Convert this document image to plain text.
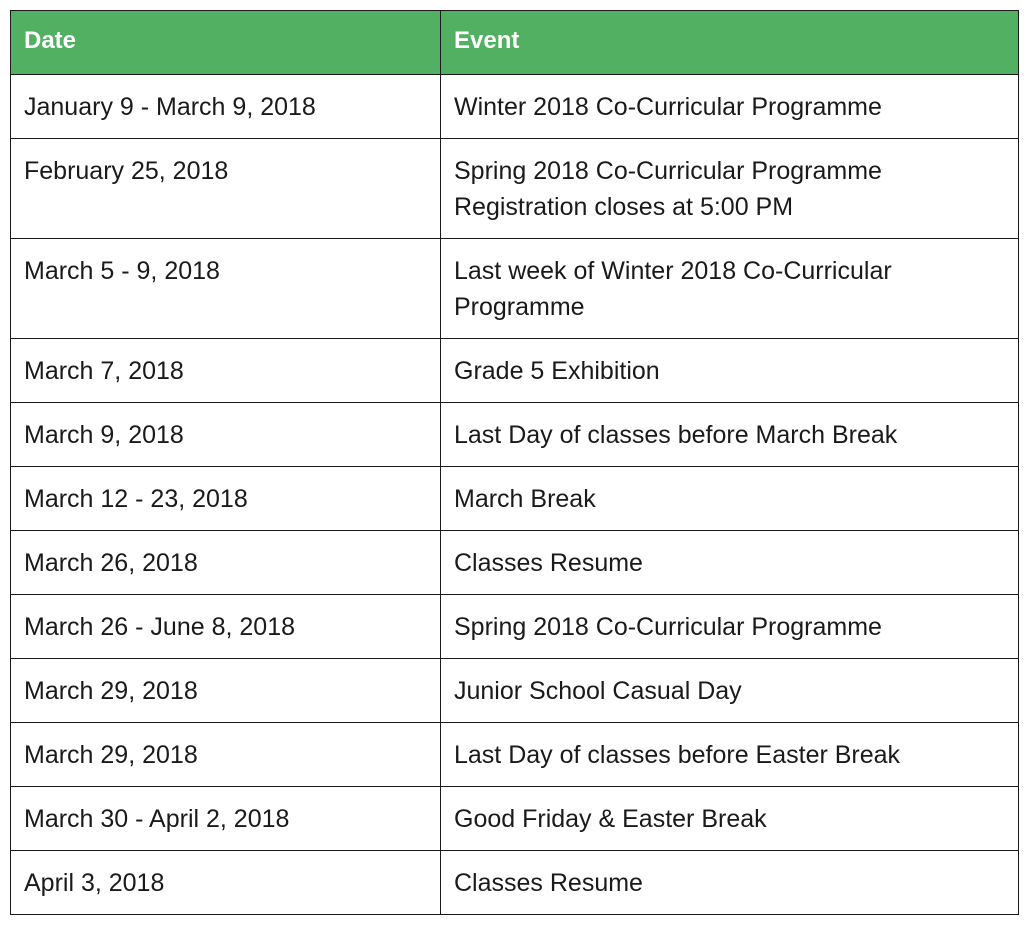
Date	Event
January 9 - March 9, 2018	Winter 2018 Co-Curricular Programme

February 25, 2018	Spring 2018 Co-Curricular Programme
Registration closes at 5:00 PM

March 5 - 9, 2018	Last week of Winter 2018 Co-Curricular
Programme

March 7, 2018	Grade 5 Exhibition

March 9, 2018	Last Day of classes before March Break

March 12 - 23, 2018	March Break

March 26, 2018	Classes Resume

March 26 - June 8, 2018	Spring 2018 Co-Curricular Programme

March 29, 2018	Junior School Casual Day

March 29, 2018	Last Day of classes before Easter Break

March 30 - April 2, 2018	Good Friday & Easter Break

April 3, 2018	Classes Resume
